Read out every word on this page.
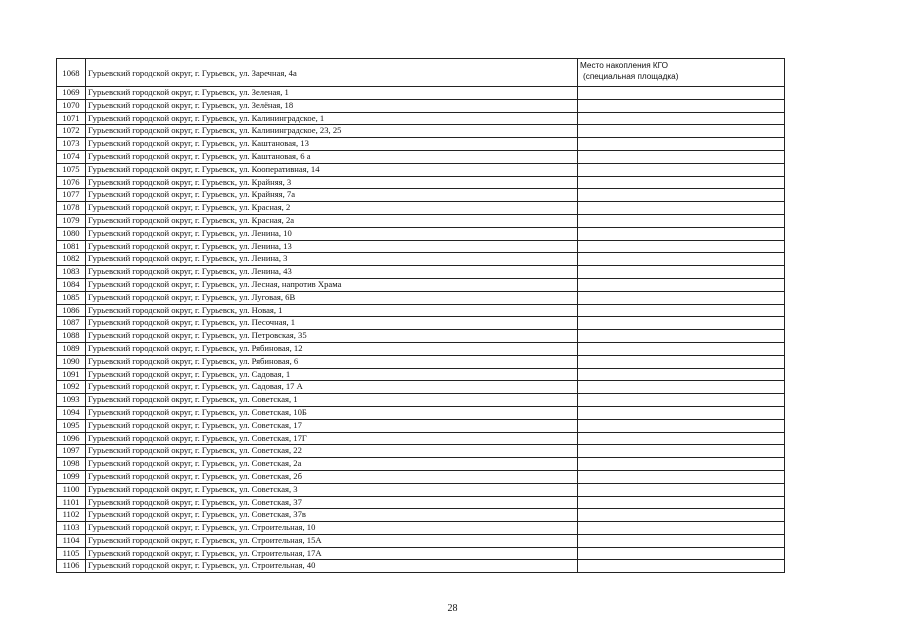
1068	Гурьевский городской округ, г. Гурьевск, ул. Заречная, 4а	Место накопления КГО
(специальная площадка)

1069	Гурьевский городской округ, г. Гурьевск, ул. Зеленая, 1	
1070	Гурьевский городской округ, г. Гурьевск, ул. Зелёная, 18	
1071	Гурьевский городской округ, г. Гурьевск, ул. Калининградское, 1	
1072	Гурьевский городской округ, г. Гурьевск, ул. Калининградское, 23, 25	
1073	Гурьевский городской округ, г. Гурьевск, ул. Каштановая, 13	
1074	Гурьевский городской округ, г. Гурьевск, ул. Каштановая, 6 а	
1075	Гурьевский городской округ, г. Гурьевск, ул. Кооперативная, 14	
1076	Гурьевский городской округ, г. Гурьевск, ул. Крайняя, 3	
1077	Гурьевский городской округ, г. Гурьевск, ул. Крайняя, 7а	
1078	Гурьевский городской округ, г. Гурьевск, ул. Красная, 2	
1079	Гурьевский городской округ, г. Гурьевск, ул. Красная, 2а	
1080	Гурьевский городской округ, г. Гурьевск, ул. Ленина, 10	
1081	Гурьевский городской округ, г. Гурьевск, ул. Ленина, 13	
1082	Гурьевский городской округ, г. Гурьевск, ул. Ленина, 3	
1083	Гурьевский городской округ, г. Гурьевск, ул. Ленина, 43	
1084	Гурьевский городской округ, г. Гурьевск, ул. Лесная, напротив Храма	
1085	Гурьевский городской округ, г. Гурьевск, ул. Луговая, 6В	
1086	Гурьевский городской округ, г. Гурьевск, ул. Новая, 1	
1087	Гурьевский городской округ, г. Гурьевск, ул. Песочная, 1	
1088	Гурьевский городской округ, г. Гурьевск, ул. Петровская, 35	
1089	Гурьевский городской округ, г. Гурьевск, ул. Рябиновая, 12	
1090	Гурьевский городской округ, г. Гурьевск, ул. Рябиновая, 6	
1091	Гурьевский городской округ, г. Гурьевск, ул. Садовая, 1	
1092	Гурьевский городской округ, г. Гурьевск, ул. Садовая, 17 А	
1093	Гурьевский городской округ, г. Гурьевск, ул. Советская, 1	
1094	Гурьевский городской округ, г. Гурьевск, ул. Советская, 10Б	
1095	Гурьевский городской округ, г. Гурьевск, ул. Советская, 17	
1096	Гурьевский городской округ, г. Гурьевск, ул. Советская, 17Г	
1097	Гурьевский городской округ, г. Гурьевск, ул. Советская, 22	
1098	Гурьевский городской округ, г. Гурьевск, ул. Советская, 2а	
1099	Гурьевский городской округ, г. Гурьевск, ул. Советская, 2б	
1100	Гурьевский городской округ, г. Гурьевск, ул. Советская, 3	
1101	Гурьевский городской округ, г. Гурьевск, ул. Советская, 37	
1102	Гурьевский городской округ, г. Гурьевск, ул. Советская, 37в	
1103	Гурьевский городской округ, г. Гурьевск, ул. Строительная, 10	
1104	Гурьевский городской округ, г. Гурьевск, ул. Строительная, 15А	
1105	Гурьевский городской округ, г. Гурьевск, ул. Строительная, 17А	
1106	Гурьевский городской округ, г. Гурьевск, ул. Строительная, 40	
28
